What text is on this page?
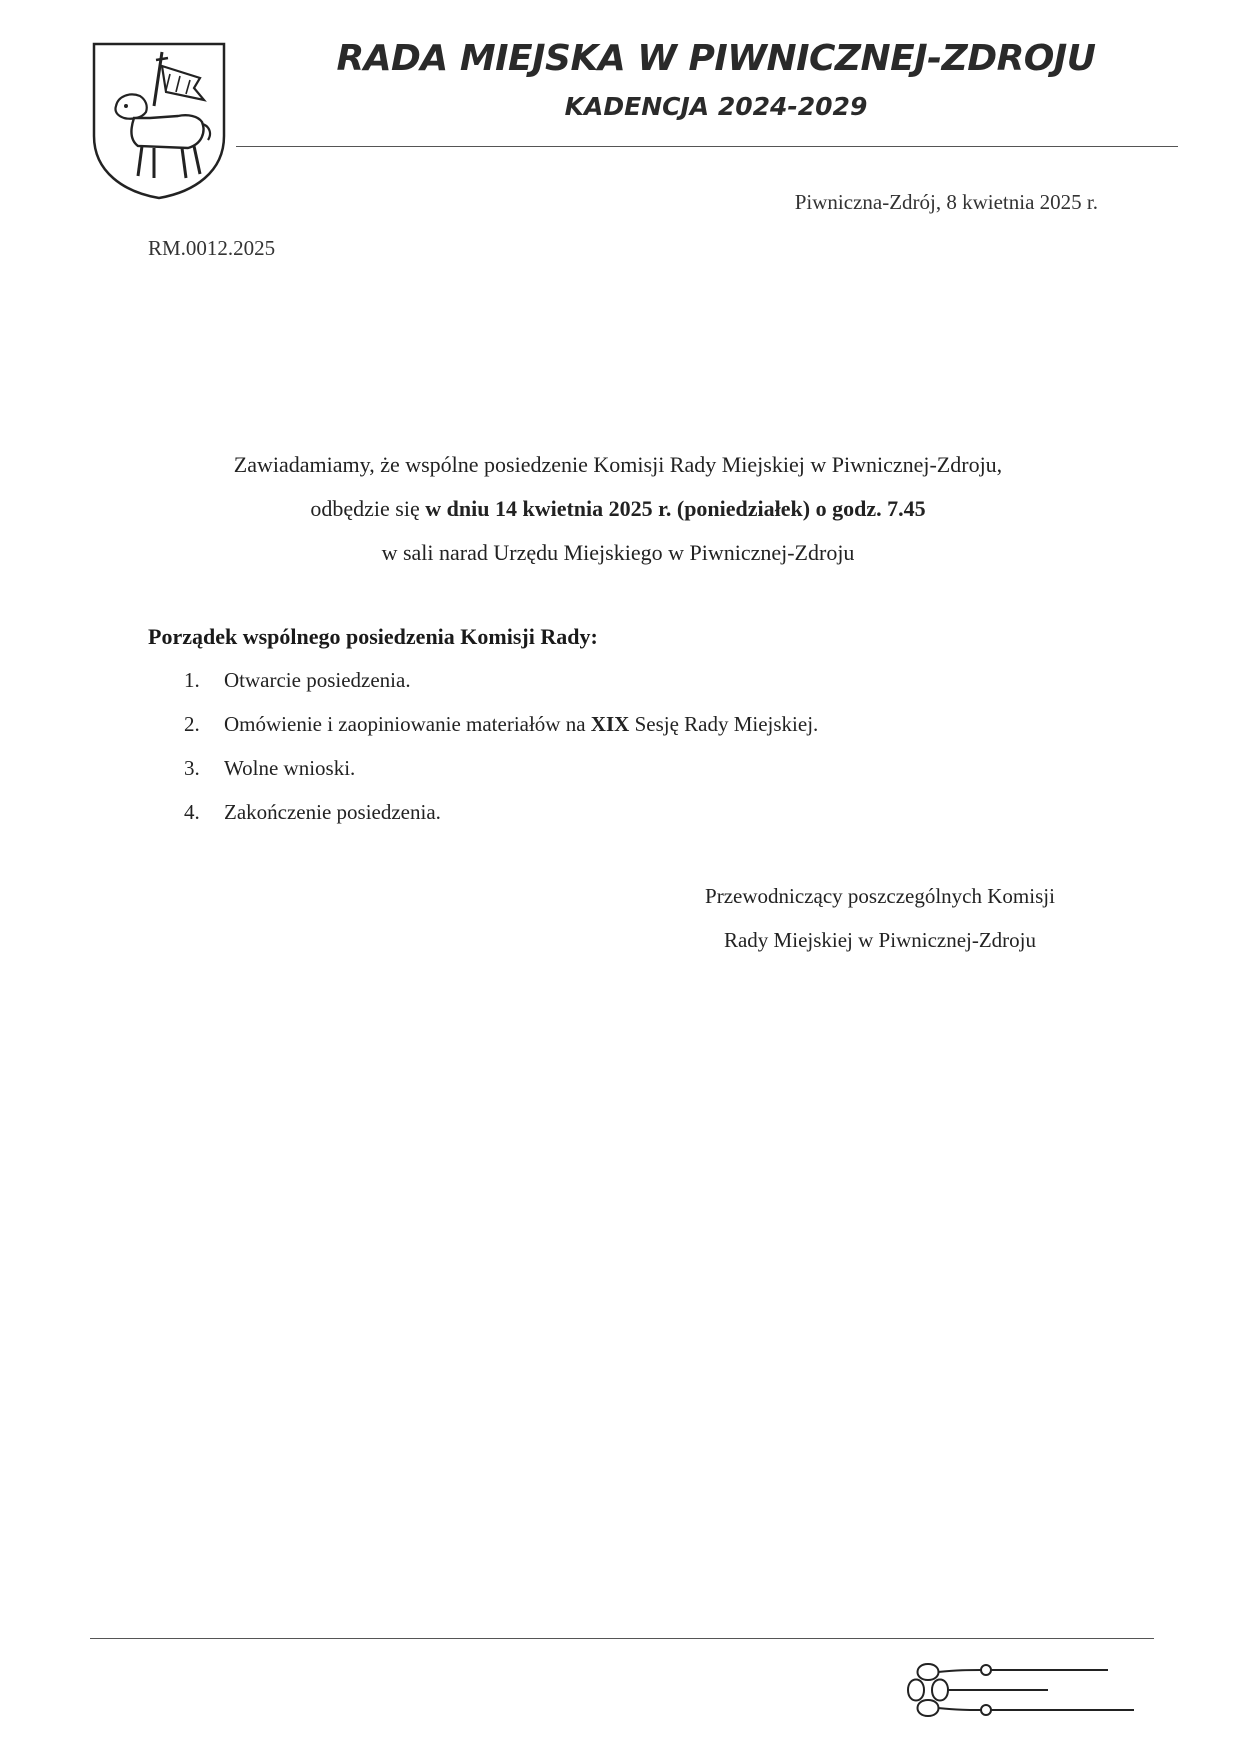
RADA MIEJSKA W PIWNICZNEJ-ZDROJU
KADENCJA 2024-2029
Piwniczna-Zdrój, 8 kwietnia 2025 r.
RM.0012.2025
Zawiadamiamy, że wspólne posiedzenie Komisji Rady Miejskiej w Piwnicznej-Zdroju,
odbędzie się w dniu 14 kwietnia 2025 r. (poniedziałek) o godz. 7.45
w sali narad Urzędu Miejskiego w Piwnicznej-Zdroju
Porządek wspólnego posiedzenia Komisji Rady:
1.	Otwarcie posiedzenia.
2.	Omówienie i zaopiniowanie materiałów na XIX Sesję Rady Miejskiej.
3.	Wolne wnioski.
4.	Zakończenie posiedzenia.
Przewodniczący poszczególnych Komisji
Rady Miejskiej w Piwnicznej-Zdroju
